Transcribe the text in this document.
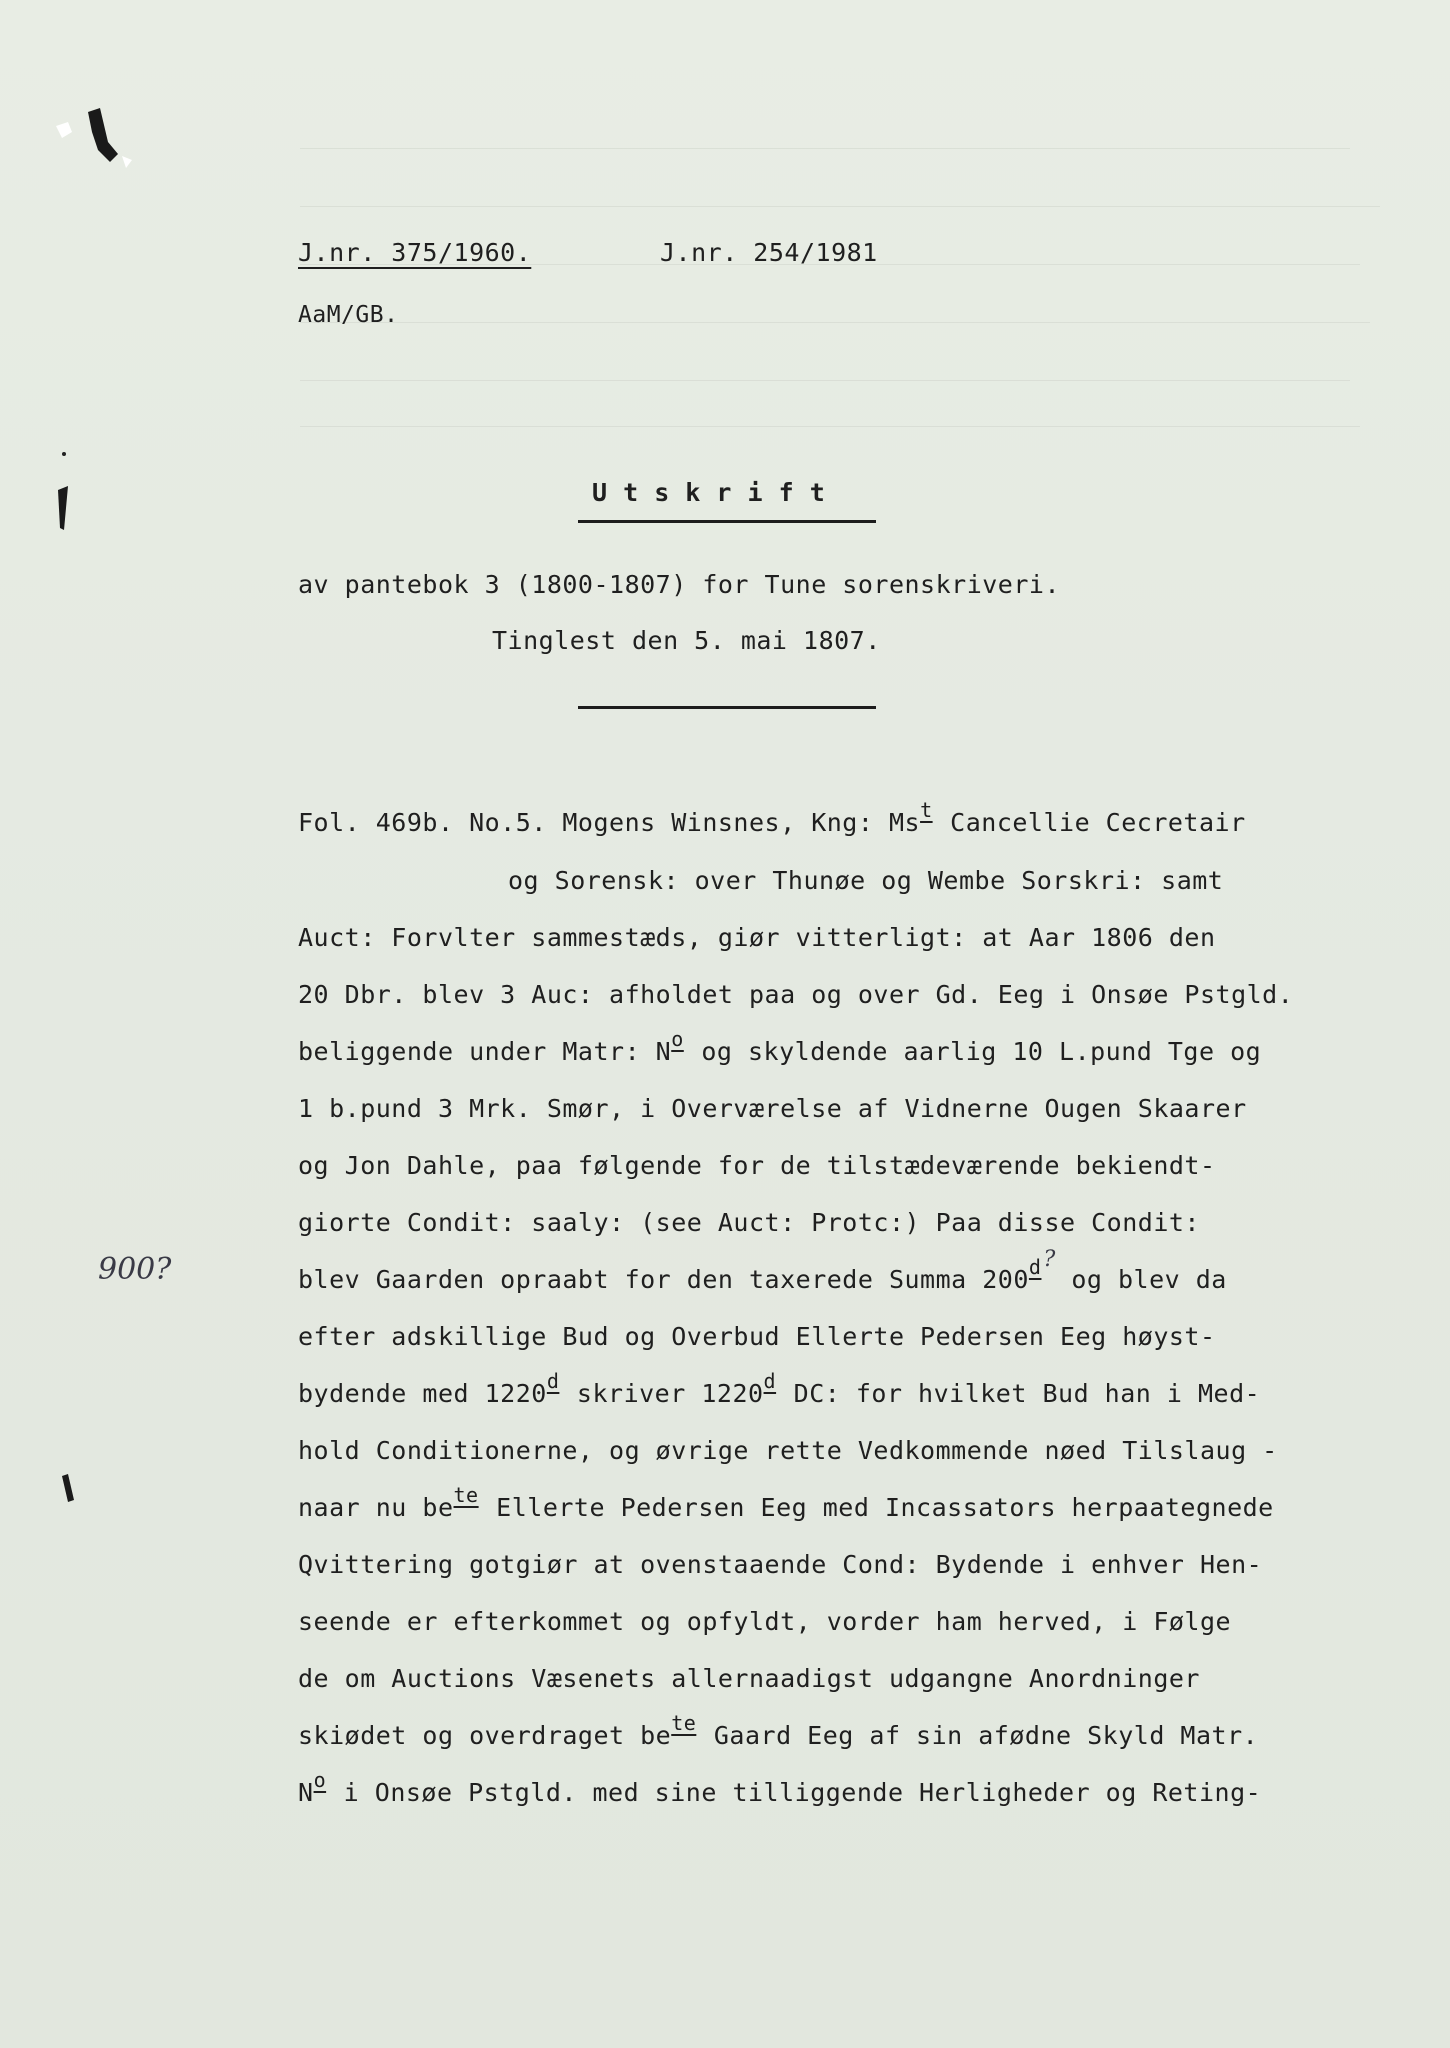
J.nr. 375/1960.	J.nr. 254/1981
AaM/GB.
U t s k r i f t
av pantebok 3 (1800-1807) for Tune sorenskriveri.
Tinglest den 5. mai 1807.
900?
Fol. 469b. No.5. Mogens Winsnes, Kng: Ms$^t$ Cancellie Cecretair
og Sorensk: over Thunøe og Wembe Sorskri: samt
Auct: Forvlter sammestæds, giør vitterligt: at Aar 1806 den
20 Dbr. blev 3 Auc: afholdet paa og over Gd. Eeg i Onsøe Pstgld.
beliggende under Matr: $N^o$ og skyldende aarlig 10 L.pund Tge og
1 b.pund 3 Mrk. Smør, i Overværelse af Vidnerne Ougen Skaarer
og Jon Dahle, paa følgende for de tilstædeværende bekiendt-
giorte Condit: saaly: (see Auct: Protc:) Paa disse Condit:
blev Gaarden opraabt for den taxerede Summa 200$^d$? og blev da
efter adskillige Bud og Overbud Ellerte Pedersen Eeg høyst-
bydende med 1220$^d$ skriver 1220$^d$ DC: for hvilket Bud han i Med-
hold Conditionerne, og øvrige rette Vedkommende nøed Tilslaug -
naar nu $be^{te}$ Ellerte Pedersen Eeg med Incassators herpaategnede
Qvittering gotgiør at ovenstaaende Cond: Bydende i enhver Hen-
seende er efterkommet og opfyldt, vorder ham herved, i Følge
de om Auctions Væsenets allernaadigst udgangne Anordninger
skiødet og overdraget $be^{te}$ Gaard Eeg af sin afødne Skyld Matr.
$N^o$ i Onsøe Pstgld. med sine tilliggende Herligheder og Reting-
